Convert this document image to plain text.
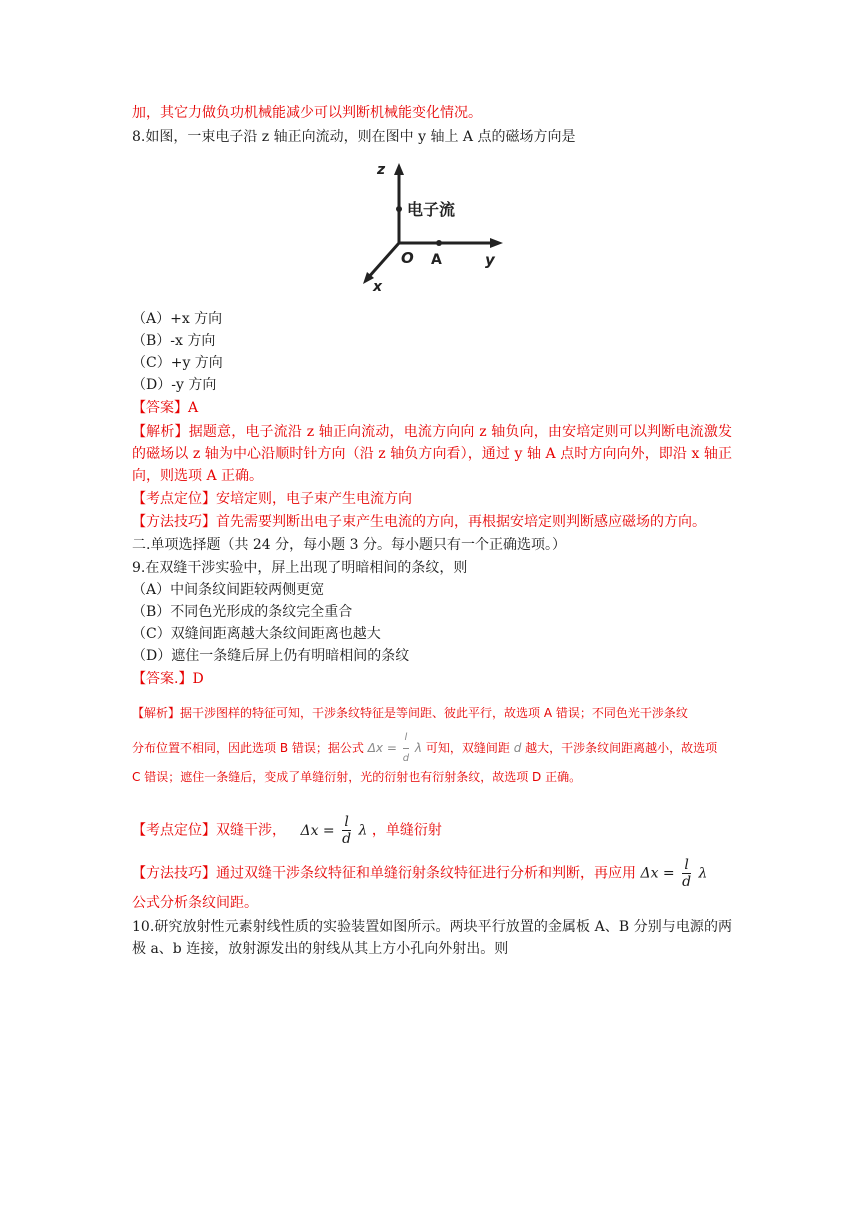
加，其它力做负功机械能减少可以判断机械能变化情况。
8.如图，一束电子沿 z 轴正向流动，则在图中 y 轴上 A 点的磁场方向是
z
y
x
O
电子流
A
（A）+x 方向
（B）-x 方向
（C）+y 方向
（D）-y 方向
【答案】A
【解析】据题意，电子流沿 z 轴正向流动，电流方向向 z 轴负向，由安培定则可以判断电流激发的磁场以 z 轴为中心沿顺时针方向（沿 z 轴负方向看），通过 y 轴 A 点时方向向外，即沿 x 轴正向，则选项 A 正确。
【考点定位】安培定则，电子束产生电流方向
【方法技巧】首先需要判断出电子束产生电流的方向，再根据安培定则判断感应磁场的方向。
二.单项选择题（共 24 分，每小题 3 分。每小题只有一个正确选项。）
9.在双缝干涉实验中，屏上出现了明暗相间的条纹，则
（A）中间条纹间距较两侧更宽
（B）不同色光形成的条纹完全重合
（C）双缝间距离越大条纹间距离也越大
（D）遮住一条缝后屏上仍有明暗相间的条纹
【答案.】D
【解析】据干涉图样的特征可知，干涉条纹特征是等间距、彼此平行，故选项 A 错误；不同色光干涉条纹
分布位置不相同，因此选项 B 错误；据公式 $\Delta x = \frac{l}{d}$ λ 可知，双缝间距 d 越大，干涉条纹间距离越小，故选项
C 错误；遮住一条缝后，变成了单缝衍射，光的衍射也有衍射条纹，故选项 D 正确。
【考点定位】双缝干涉， $\Delta x = \frac{l}{d}$ λ ，单缝衍射
【方法技巧】通过双缝干涉条纹特征和单缝衍射条纹特征进行分析和判断，再应用 $\Delta x = \frac{l}{d}$ λ
公式分析条纹间距。
10.研究放射性元素射线性质的实验装置如图所示。两块平行放置的金属板 A、B 分别与电源的两极 a、b 连接，放射源发出的射线从其上方小孔向外射出。则
